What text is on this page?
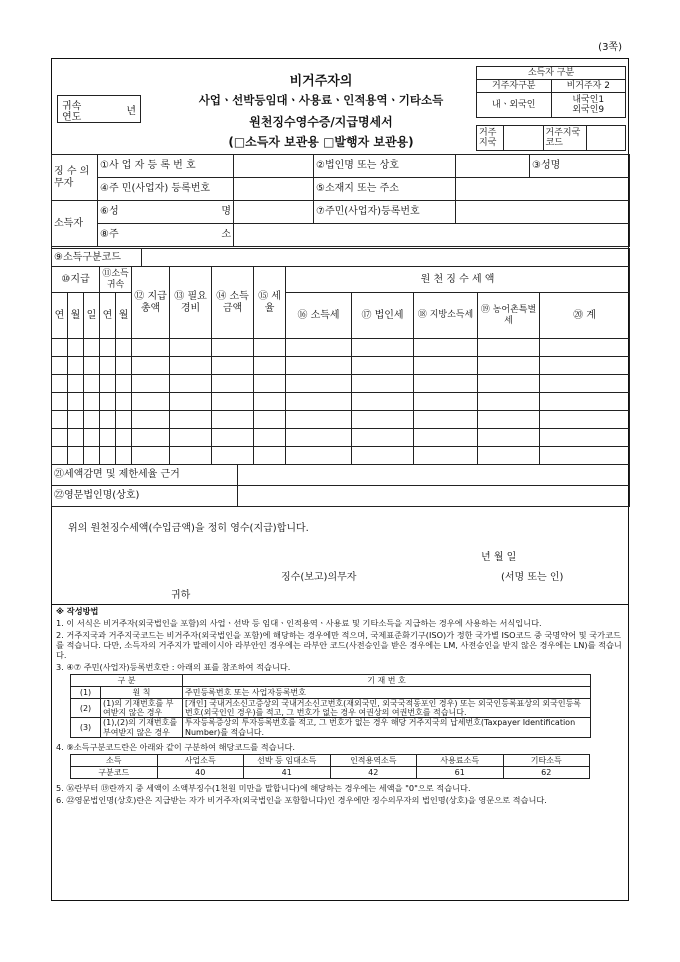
(3쪽)
귀속
연도
년
비거주자의
사업ㆍ선박등임대ㆍ사용료ㆍ인적용역ㆍ기타소득
원천징수영수증/지급명세서
(□소득자 보관용 □발행자 보관용)
소득자 구분	
거주자구분	비거주자 2
내ㆍ외국인	내국인1
외국인9
거주지국		거주지국코드	
징 수 의무자	①사 업 자 등 록 번 호		②법인명 또는 상호		③성명
	④주 민(사업자) 등록번호		⑤소재지 또는 주소		
소득자	⑥성 명		⑦주민(사업자)등록번호		
	⑧주 소				

⑨소득구분코드	
⑩지급			⑪소득 귀속		⑫ 지급 총액	⑬ 필요 경비	⑭ 소득 금액	⑮ 세율	원 천 징 수 세 액				
연	월	일	연	월					⑯ 소득세	⑰ 법인세	⑱ 지방소득세	⑲ 농어촌특별세	⑳ 계

㉑세액감면 및 제한세율 근거	
㉒영문법인명(상호)	
위의 원천징수세액(수입금액)을 정히 영수(지급)합니다.
년 월 일
징수(보고)의무자	(서명 또는 인)
귀하

※ 작성방법

1. 이 서식은 비거주자(외국법인을 포함)의 사업ㆍ선박 등 임대ㆍ인적용역ㆍ사용료 및 기타소득을 지급하는 경우에 사용하는 서식입니다.

2. 거주지국과 거주지국코드는 비거주자(외국법인을 포함)에 해당하는 경우에만 적으며, 국제표준화기구(ISO)가 정한 국가별 ISO코드 중 국명약어 및 국가코드를 적습니다. 다만, 소득자의 거주지가 말레이시아 라부안인 경우에는 라부안 코드(사전승인을 받은 경우에는 LM, 사전승인을 받지 않은 경우에는 LN)를 적습니다.

3. ④⑦ 주민(사업자)등록번호란 : 아래의 표를 참조하여 적습니다.

구 분		기 재 번 호
(1)	원 칙	주민등록번호 또는 사업자등록번호
(2)	(1)의 기재번호를 부여받지 않은 경우	[개인] 국내거소신고증상의 국내거소신고번호(재외국민, 외국국적동포인 경우) 또는 외국인등록표상의 외국인등록번호(외국인인 경우)를 적고, 그 번호가 없는 경우 여권상의 여권번호를 적습니다.
(3)	(1),(2)의 기재번호를 부여받지 않은 경우	투자등록증상의 투자등록번호를 적고, 그 번호가 없는 경우 해당 거주지국의 납세번호(Taxpayer Identification Number)를 적습니다.

4. ⑨소득구분코드란은 아래와 같이 구분하여 해당코드를 적습니다.

소득	사업소득	선박 등 임대소득	인적용역소득	사용료소득	기타소득
구분코드	40	41	42	61	62

5. ⑯란부터 ⑲란까지 중 세액이 소액부징수(1천원 미만을 말합니다)에 해당하는 경우에는 세액을 "0"으로 적습니다.

6. ㉒영문법인명(상호)란은 지급받는 자가 비거주자(외국법인을 포함합니다)인 경우에만 징수의무자의 법인명(상호)을 영문으로 적습니다.
